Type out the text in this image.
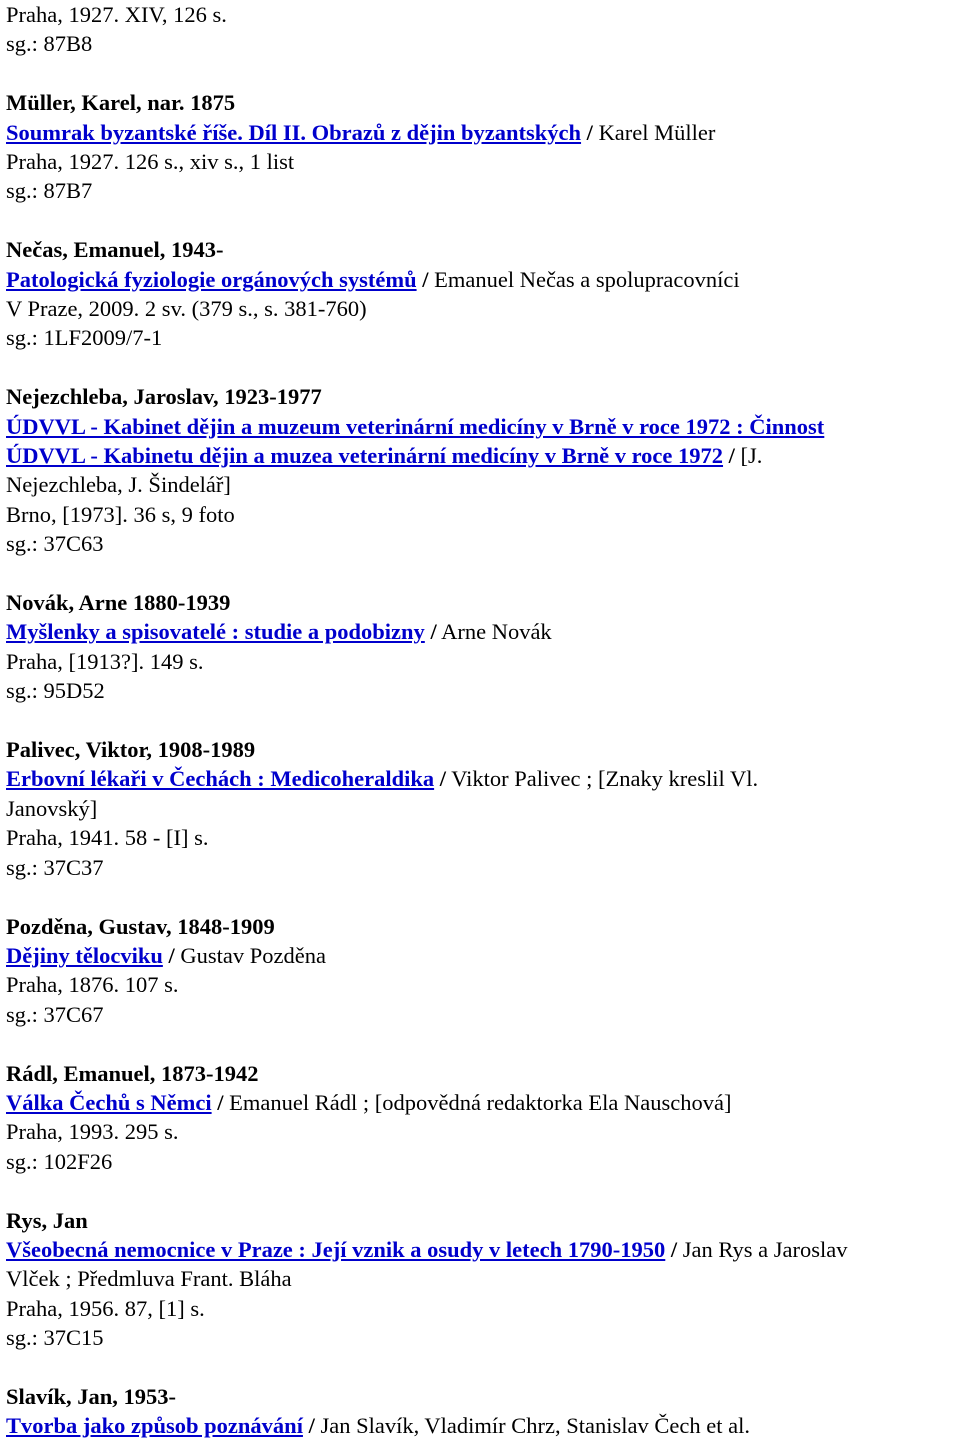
Praha, 1927. XIV, 126 s.
sg.: 87B8
Müller, Karel, nar. 1875
Soumrak byzantské říše. Díl II. Obrazů z dějin byzantských / Karel Müller
Praha, 1927. 126 s., xiv s., 1 list
sg.: 87B7
Nečas, Emanuel, 1943-
Patologická fyziologie orgánových systémů / Emanuel Nečas a spolupracovníci
V Praze, 2009. 2 sv. (379 s., s. 381-760)
sg.: 1LF2009/7-1
Nejezchleba, Jaroslav, 1923-1977
ÚDVVL - Kabinet dějin a muzeum veterinární medicíny v Brně v roce 1972 : Činnost
ÚDVVL - Kabinetu dějin a muzea veterinární medicíny v Brně v roce 1972 / [J.
Nejezchleba, J. Šindelář]
Brno, [1973]. 36 s, 9 foto
sg.: 37C63
Novák, Arne 1880-1939
Myšlenky a spisovatelé : studie a podobizny / Arne Novák
Praha, [1913?]. 149 s.
sg.: 95D52
Palivec, Viktor, 1908-1989
Erbovní lékaři v Čechách : Medicoheraldika / Viktor Palivec ; [Znaky kreslil Vl.
Janovský]
Praha, 1941. 58 - [I] s.
sg.: 37C37
Pozděna, Gustav, 1848-1909
Dějiny tělocviku / Gustav Pozděna
Praha, 1876. 107 s.
sg.: 37C67
Rádl, Emanuel, 1873-1942
Válka Čechů s Němci / Emanuel Rádl ; [odpovědná redaktorka Ela Nauschová]
Praha, 1993. 295 s.
sg.: 102F26
Rys, Jan
Všeobecná nemocnice v Praze : Její vznik a osudy v letech 1790-1950 / Jan Rys a Jaroslav
Vlček ; Předmluva Frant. Bláha
Praha, 1956. 87, [1] s.
sg.: 37C15
Slavík, Jan, 1953-
Tvorba jako způsob poznávání / Jan Slavík, Vladimír Chrz, Stanislav Čech et al.
